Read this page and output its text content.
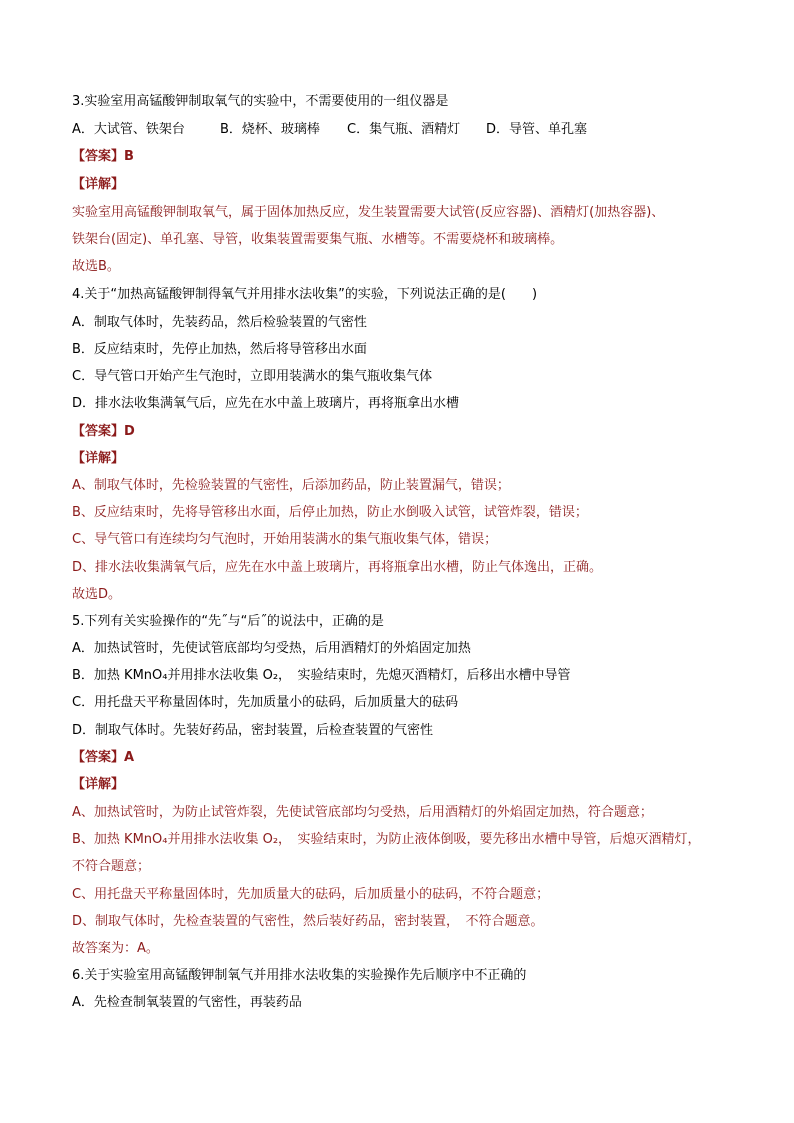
3.实验室用高锰酸钾制取氧气的实验中，不需要使用的一组仪器是
A．大试管、铁架台	B．烧杯、玻璃棒 C．集气瓶、酒精灯 D．导管、单孔塞
【答案】B
【详解】
实验室用高锰酸钾制取氧气，属于固体加热反应，发生装置需要大试管(反应容器)、酒精灯(加热容器)、
铁架台(固定)、单孔塞、导管，收集装置需要集气瓶、水槽等。不需要烧杯和玻璃棒。
故选B。
4.关于“加热高锰酸钾制得氧气并用排水法收集”的实验，下列说法正确的是(　　)
A．制取气体时，先装药品，然后检验装置的气密性
B．反应结束时，先停止加热，然后将导管移出水面
C．导气管口开始产生气泡时，立即用装满水的集气瓶收集气体
D．排水法收集满氧气后，应先在水中盖上玻璃片，再将瓶拿出水槽
【答案】D
【详解】
A、制取气体时，先检验装置的气密性，后添加药品，防止装置漏气，错误；
B、反应结束时，先将导管移出水面，后停止加热，防止水倒吸入试管，试管炸裂，错误；
C、导气管口有连续均匀气泡时，开始用装满水的集气瓶收集气体，错误；
D、排水法收集满氧气后，应先在水中盖上玻璃片，再将瓶拿出水槽，防止气体逸出，正确。
故选D。
5.下列有关实验操作的“先˝与“后˝的说法中，正确的是
A．加热试管时，先使试管底部均匀受热，后用酒精灯的外焰固定加热
B．加热 KMnO₄并用排水法收集 O₂，　实验结束时，先熄灭酒精灯，后移出水槽中导管
C．用托盘天平称量固体时，先加质量小的砝码，后加质量大的砝码
D．制取气体时。先装好药品，密封装置，后检查装置的气密性
【答案】A
【详解】
A、加热试管时，为防止试管炸裂，先使试管底部均匀受热，后用酒精灯的外焰固定加热，符合题意；
B、加热 KMnO₄并用排水法收集 O₂，　实验结束时，为防止液体倒吸，要先移出水槽中导管，后熄灭酒精灯，
不符合题意；
C、用托盘天平称量固体时，先加质量大的砝码，后加质量小的砝码，不符合题意；
D、制取气体时，先检查装置的气密性，然后装好药品，密封装置，　不符合题意。
故答案为：A。
6.关于实验室用高锰酸钾制氧气并用排水法收集的实验操作先后顺序中不正确的
A．先检查制氧装置的气密性，再装药品
